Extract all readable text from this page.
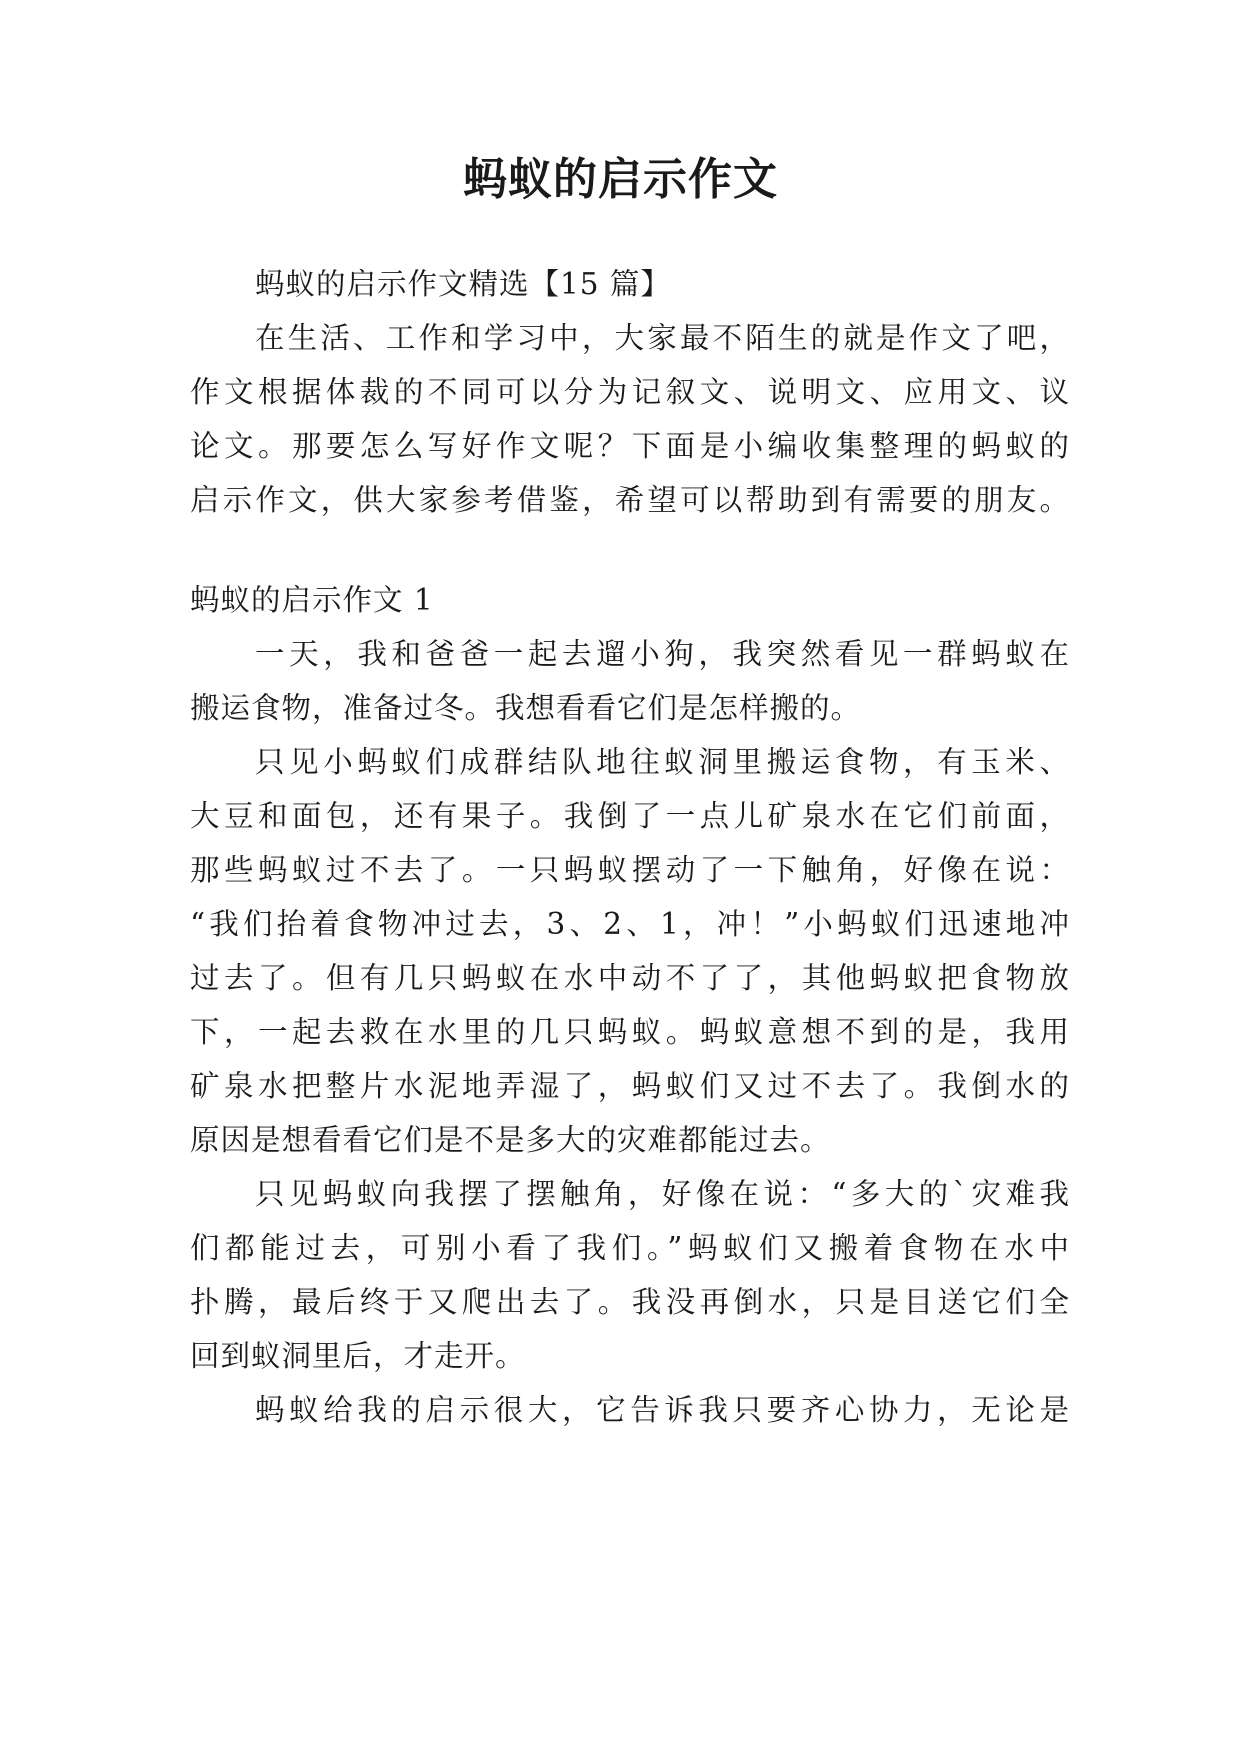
蚂蚁的启示作文
蚂蚁的启示作文精选【15 篇】
在生活、工作和学习中，大家最不陌生的就是作文了吧，
作文根据体裁的不同可以分为记叙文、说明文、应用文、议
论文。那要怎么写好作文呢？下面是小编收集整理的蚂蚁的
启示作文，供大家参考借鉴，希望可以帮助到有需要的朋友。
蚂蚁的启示作文 1
一天，我和爸爸一起去遛小狗，我突然看见一群蚂蚁在
搬运食物，准备过冬。我想看看它们是怎样搬的。
只见小蚂蚁们成群结队地往蚁洞里搬运食物，有玉米、
大豆和面包，还有果子。我倒了一点儿矿泉水在它们前面，
那些蚂蚁过不去了。一只蚂蚁摆动了一下触角，好像在说：
“我们抬着食物冲过去，3、2、1，冲！”小蚂蚁们迅速地冲
过去了。但有几只蚂蚁在水中动不了了，其他蚂蚁把食物放
下，一起去救在水里的几只蚂蚁。蚂蚁意想不到的是，我用
矿泉水把整片水泥地弄湿了，蚂蚁们又过不去了。我倒水的
原因是想看看它们是不是多大的灾难都能过去。
只见蚂蚁向我摆了摆触角，好像在说：“多大的`灾难我
们都能过去，可别小看了我们。”蚂蚁们又搬着食物在水中
扑腾，最后终于又爬出去了。我没再倒水，只是目送它们全
回到蚁洞里后，才走开。
蚂蚁给我的启示很大，它告诉我只要齐心协力，无论是
